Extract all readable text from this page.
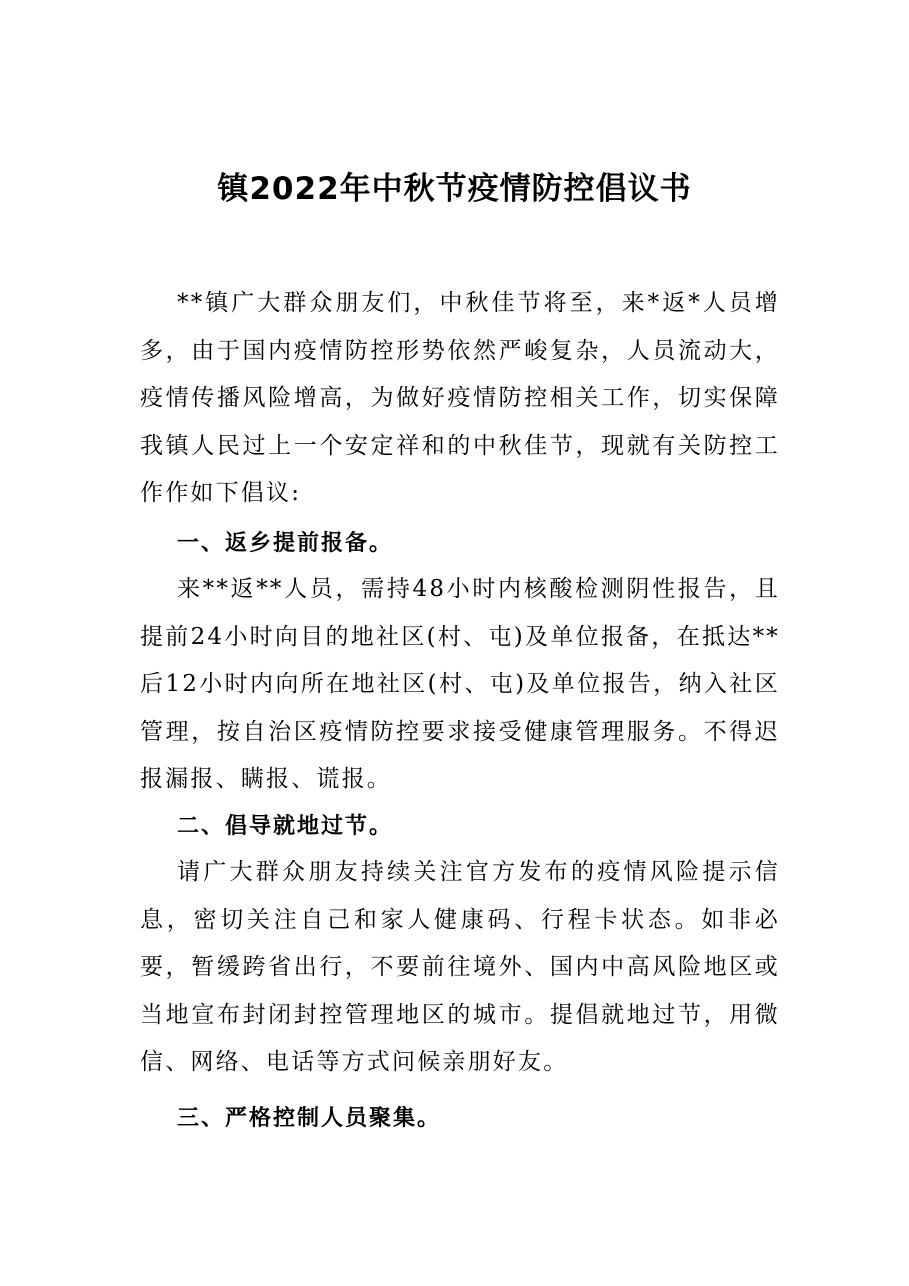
镇2022年中秋节疫情防控倡议书

**镇广大群众朋友们，中秋佳节将至，来*返*人员增多，由于国内疫情防控形势依然严峻复杂，人员流动大，疫情传播风险增高，为做好疫情防控相关工作，切实保障我镇人民过上一个安定祥和的中秋佳节，现就有关防控工作作如下倡议:

一、返乡提前报备。

来**返**人员，需持48小时内核酸检测阴性报告，且提前24小时向目的地社区(村、屯)及单位报备，在抵达**后12小时内向所在地社区(村、屯)及单位报告，纳入社区管理，按自治区疫情防控要求接受健康管理服务。不得迟报漏报、瞒报、谎报。

二、倡导就地过节。

请广大群众朋友持续关注官方发布的疫情风险提示信息，密切关注自己和家人健康码、行程卡状态。如非必要，暂缓跨省出行，不要前往境外、国内中高风险地区或当地宣布封闭封控管理地区的城市。提倡就地过节，用微信、网络、电话等方式问候亲朋好友。

三、严格控制人员聚集。
